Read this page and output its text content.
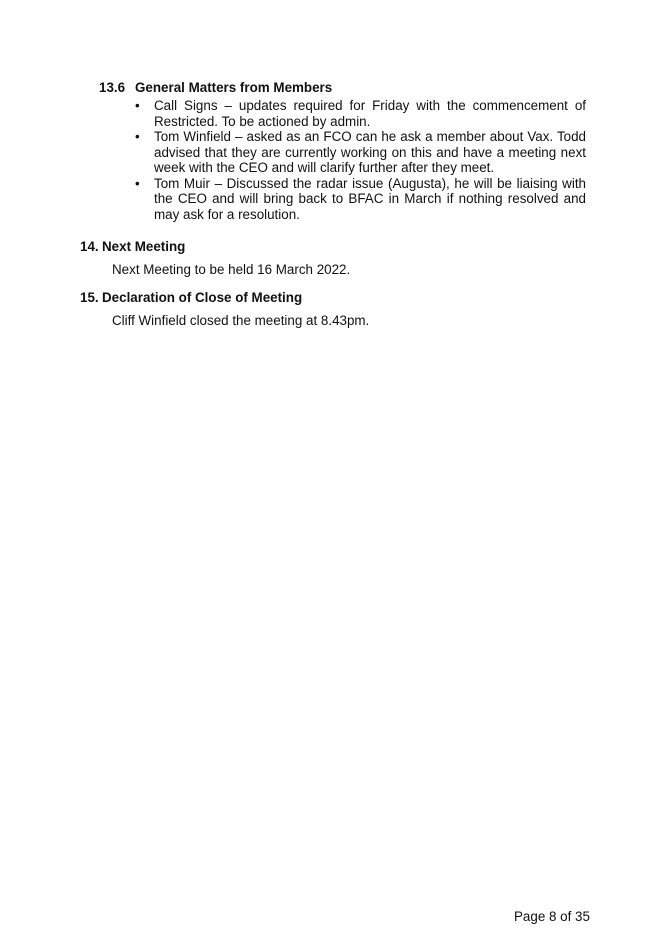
13.6 General Matters from Members
•	Call Signs – updates required for Friday with the commencement of Restricted. To be actioned by admin.
•	Tom Winfield – asked as an FCO can he ask a member about Vax. Todd advised that they are currently working on this and have a meeting next week with the CEO and will clarify further after they meet.
•	Tom Muir – Discussed the radar issue (Augusta), he will be liaising with the CEO and will bring back to BFAC in March if nothing resolved and may ask for a resolution.
14. Next Meeting
Next Meeting to be held 16 March 2022.
15. Declaration of Close of Meeting
Cliff Winfield closed the meeting at 8.43pm.
Page 8 of 35
